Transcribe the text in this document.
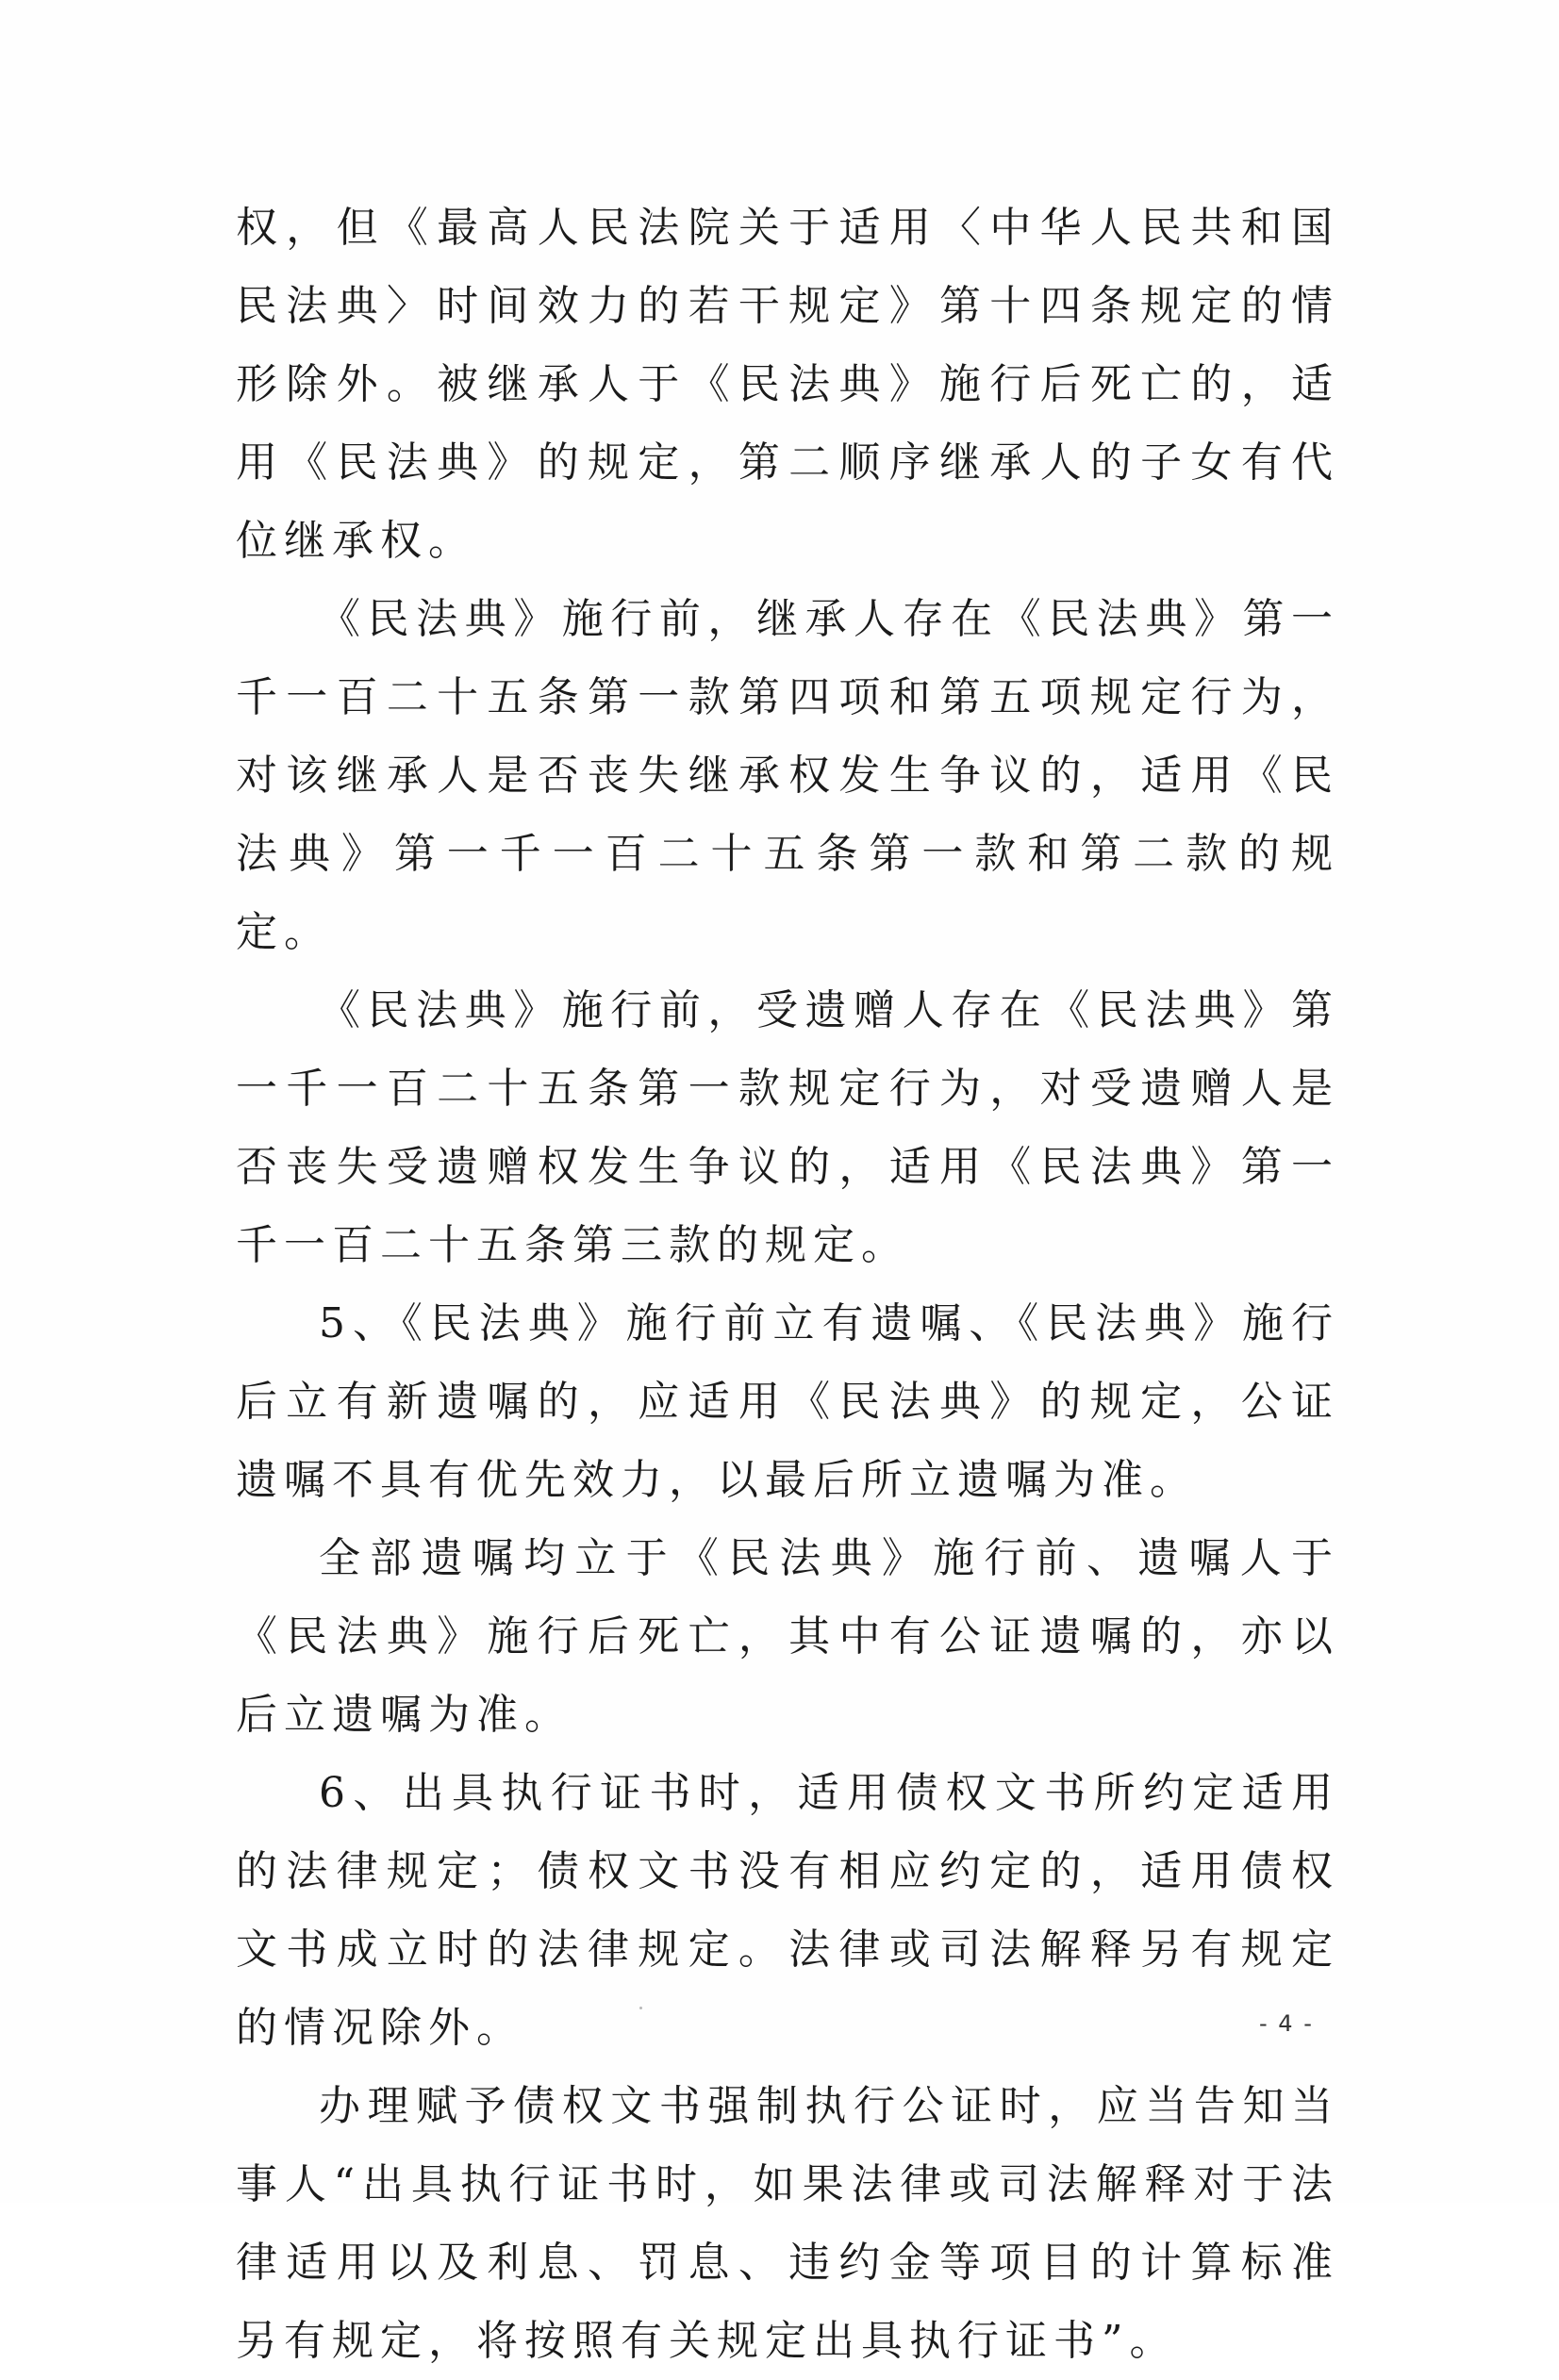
权，但《最高人民法院关于适用〈中华人民共和国民法典〉时间效力的若干规定》第十四条规定的情形除外。被继承人于《民法典》施行后死亡的，适用《民法典》的规定，第二顺序继承人的子女有代位继承权。

《民法典》施行前，继承人存在《民法典》第一千一百二十五条第一款第四项和第五项规定行为，对该继承人是否丧失继承权发生争议的，适用《民法典》第一千一百二十五条第一款和第二款的规定。

《民法典》施行前，受遗赠人存在《民法典》第一千一百二十五条第一款规定行为，对受遗赠人是否丧失受遗赠权发生争议的，适用《民法典》第一千一百二十五条第三款的规定。

5、《民法典》施行前立有遗嘱、《民法典》施行后立有新遗嘱的，应适用《民法典》的规定，公证遗嘱不具有优先效力，以最后所立遗嘱为准。

全部遗嘱均立于《民法典》施行前、遗嘱人于《民法典》施行后死亡，其中有公证遗嘱的，亦以后立遗嘱为准。

6、出具执行证书时，适用债权文书所约定适用的法律规定；债权文书没有相应约定的，适用债权文书成立时的法律规定。法律或司法解释另有规定的情况除外。

办理赋予债权文书强制执行公证时，应当告知当事人“出具执行证书时，如果法律或司法解释对于法律适用以及利息、罚息、违约金等项目的计算标准另有规定，将按照有关规定出具执行证书”。

- 4 -
